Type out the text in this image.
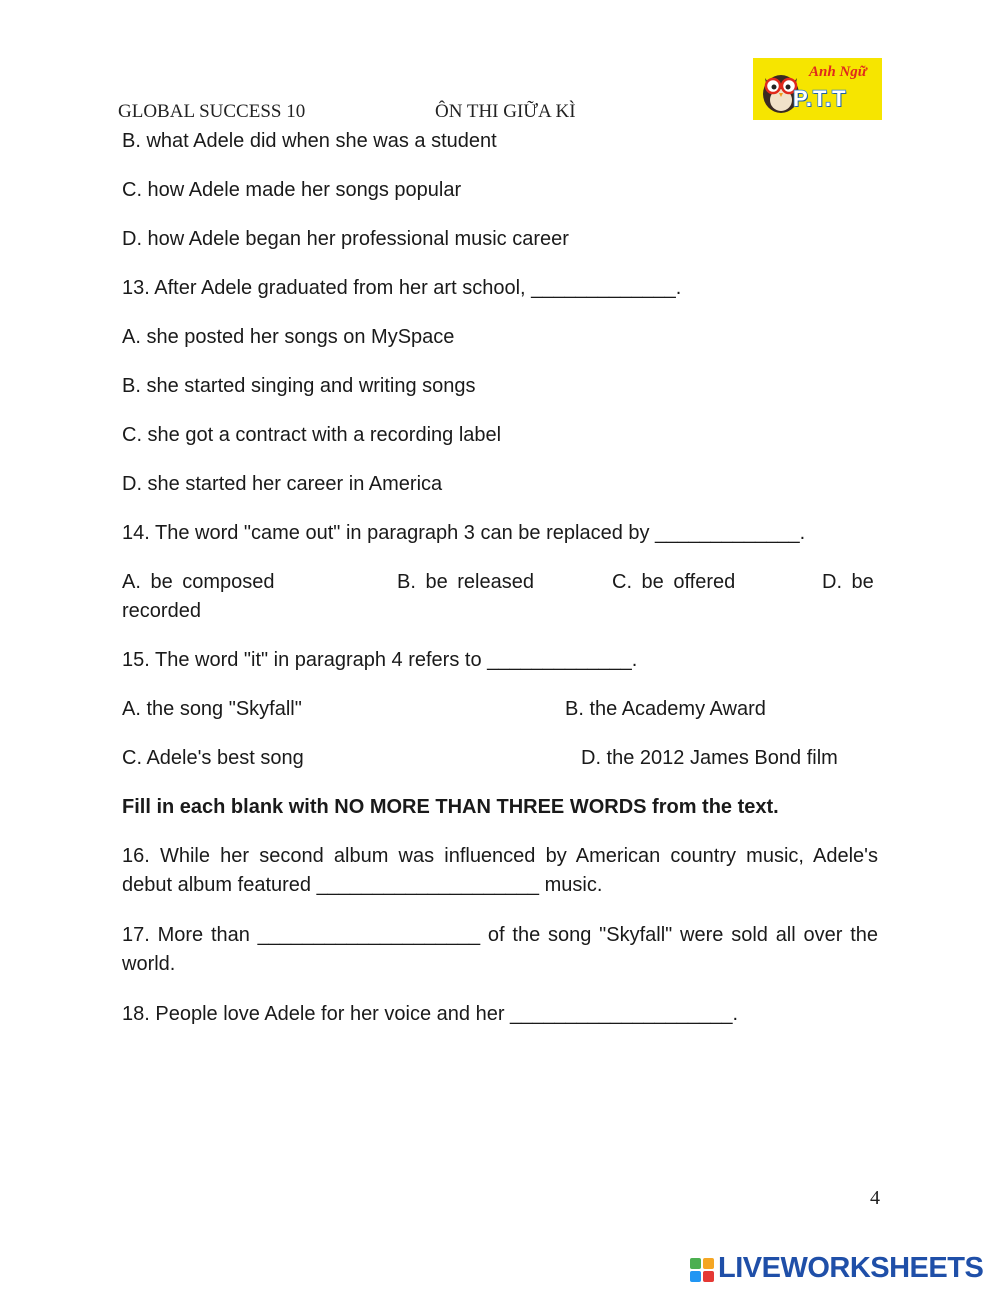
GLOBAL SUCCESS 10	ÔN THI GIỮA KÌ
Anh Ngữ
P.T.T
B. what Adele did when she was a student
C. how Adele made her songs popular
D. how Adele began her professional music career
13. After Adele graduated from her art school, _____________.
A. she posted her songs on MySpace
B. she started singing and writing songs
C. she got a contract with a recording label
D. she started her career in America
14. The word "came out" in paragraph 3 can be replaced by _____________.
A. be composed	B. be released	C. be offered	D. be
recorded
15. The word "it" in paragraph 4 refers to _____________.
A. the song "Skyfall"	B. the Academy Award
C. Adele's best song	D. the 2012 James Bond film
Fill in each blank with NO MORE THAN THREE WORDS from the text.
16. While her second album was influenced by American country music, Adele's debut album featured ____________________ music.
17. More than ____________________ of the song "Skyfall" were sold all over the world.
18. People love Adele for her voice and her ____________________.
4
LIVEWORKSHEETS
